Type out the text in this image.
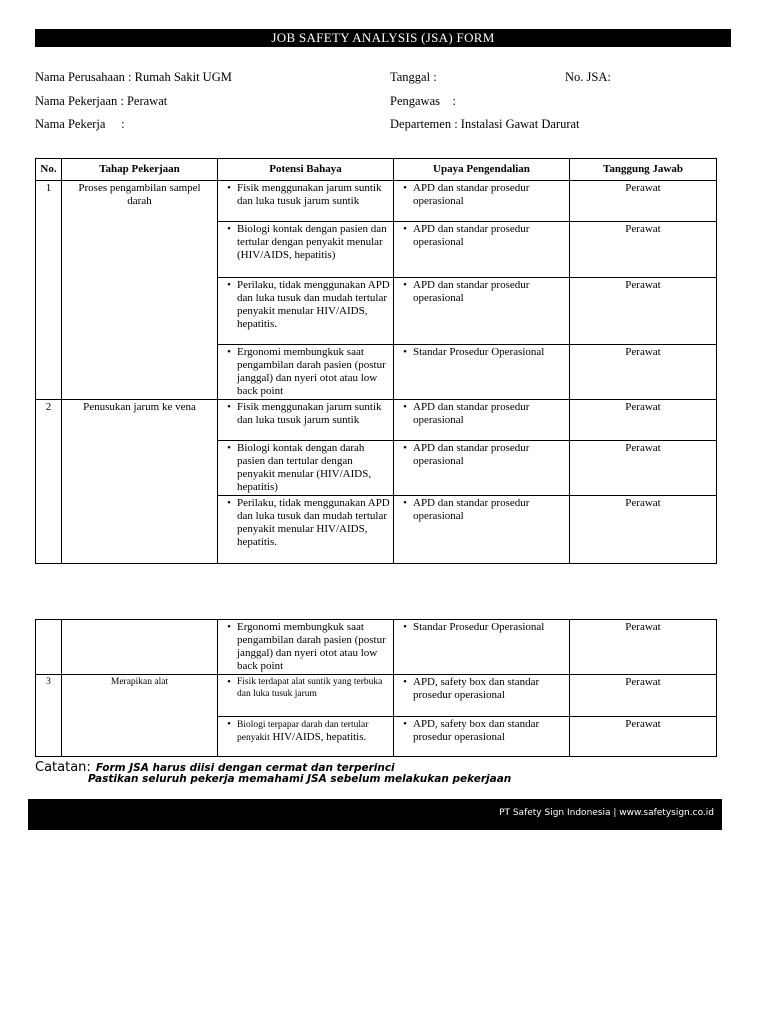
JOB SAFETY ANALYSIS (JSA) FORM
Nama Perusahaan : Rumah Sakit UGM	Tanggal :	No. JSA:
Nama Pekerjaan : Perawat	Pengawas    :
Nama Pekerja     :	Departemen : Instalasi Gawat Darurat
No.	Tahap Pekerjaan	Potensi Bahaya	Upaya Pengendalian	Tanggung Jawab
1	Proses pengambilan sampel darah	• Fisik menggunakan jarum suntik dan luka tusuk jarum suntik	• APD dan standar prosedur operasional	Perawat

		• Biologi kontak dengan pasien dan tertular dengan penyakit menular (HIV/AIDS, hepatitis)	• APD dan standar prosedur operasional	Perawat

		• Perilaku, tidak menggunakan APD dan luka tusuk dan mudah tertular penyakit menular HIV/AIDS, hepatitis.	• APD dan standar prosedur operasional	Perawat

		• Ergonomi membungkuk saat pengambilan darah pasien (postur janggal) dan nyeri otot atau low back point	• Standar Prosedur Operasional	Perawat
2	Penusukan jarum ke vena	• Fisik menggunakan jarum suntik dan luka tusuk jarum suntik	• APD dan standar prosedur operasional	Perawat

		• Biologi kontak dengan darah pasien dan tertular dengan penyakit menular (HIV/AIDS, hepatitis)	• APD dan standar prosedur operasional	Perawat

		• Perilaku, tidak menggunakan APD dan luka tusuk dan mudah tertular penyakit menular HIV/AIDS, hepatitis.	• APD dan standar prosedur operasional	Perawat

		• Ergonomi membungkuk saat pengambilan darah pasien (postur janggal) dan nyeri otot atau low back point	• Standar Prosedur Operasional	Perawat
3	Merapikan alat	• Fisik terdapat alat suntik yang terbuka dan luka tusuk jarum	• APD, safety box dan standar prosedur operasional	Perawat

		• Biologi terpapar darah dan tertular penyakit HIV/AIDS, hepatitis.	• APD, safety box dan standar prosedur operasional	Perawat
Catatan: Form JSA harus diisi dengan cermat dan terperinci
Pastikan seluruh pekerja memahami JSA sebelum melakukan pekerjaan
PT Safety Sign Indonesia | www.safetysign.co.id
